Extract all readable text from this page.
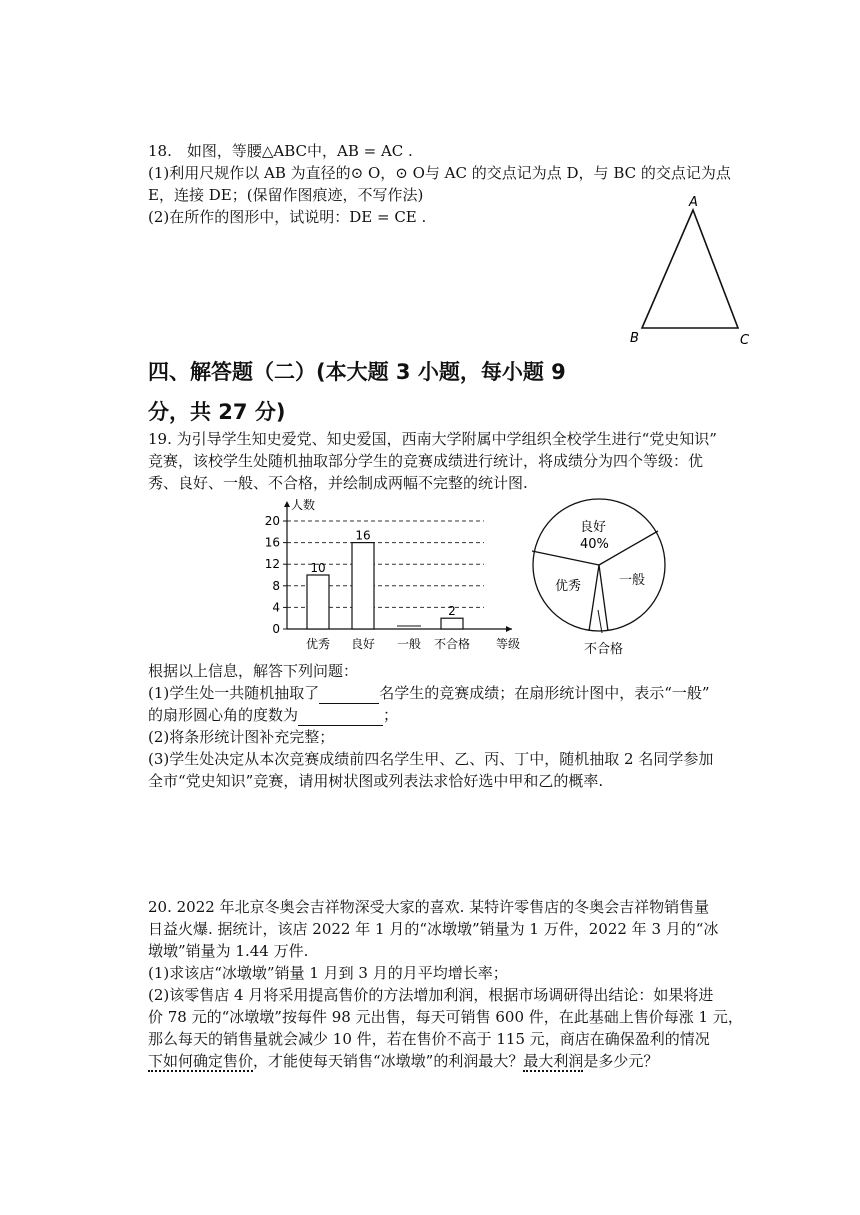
18.　如图，等腰△ABC中，AB = AC .
(1)利用尺规作以 AB 为直径的⊙ O，⊙ O与 AC 的交点记为点 D，与 BC 的交点记为点
E，连接 DE；(保留作图痕迹，不写作法)
(2)在所作的图形中，试说明：DE = CE .
A
B	C
四、解答题（二）(本大题 3 小题，每小题 9
分，共 27 分)
19. 为引导学生知史爱党、知史爱国，西南大学附属中学组织全校学生进行“党史知识”
竞赛，该校学生处随机抽取部分学生的竞赛成绩进行统计，将成绩分为四个等级：优
秀、良好、一般、不合格，并绘制成两幅不完整的统计图.
0
4
8
12
16
20
人数
等级
优秀
10
良好
16
一般 不合格
2
良好
40%
一般
不合格
优秀
根据以上信息，解答下列问题：
(1)学生处一共随机抽取了	名学生的竞赛成绩；在扇形统计图中，表示“一般”
的扇形圆心角的度数为	；
(2)将条形统计图补充完整；
(3)学生处决定从本次竞赛成绩前四名学生甲、乙、丙、丁中，随机抽取 2 名同学参加
全市“党史知识”竞赛，请用树状图或列表法求恰好选中甲和乙的概率.
20. 2022 年北京冬奥会吉祥物深受大家的喜欢. 某特许零售店的冬奥会吉祥物销售量
日益火爆. 据统计，该店 2022 年 1 月的“冰墩墩”销量为 1 万件，2022 年 3 月的“冰
墩墩”销量为 1.44 万件.
(1)求该店“冰墩墩”销量 1 月到 3 月的月平均增长率；
(2)该零售店 4 月将采用提高售价的方法增加利润，根据市场调研得出结论：如果将进
价 78 元的“冰墩墩”按每件 98 元出售，每天可销售 600 件，在此基础上售价每涨 1 元，
那么每天的销售量就会减少 10 件，若在售价不高于 115 元，商店在确保盈利的情况
下如何确定售价，才能使每天销售“冰墩墩”的利润最大？最大利润是多少元？
